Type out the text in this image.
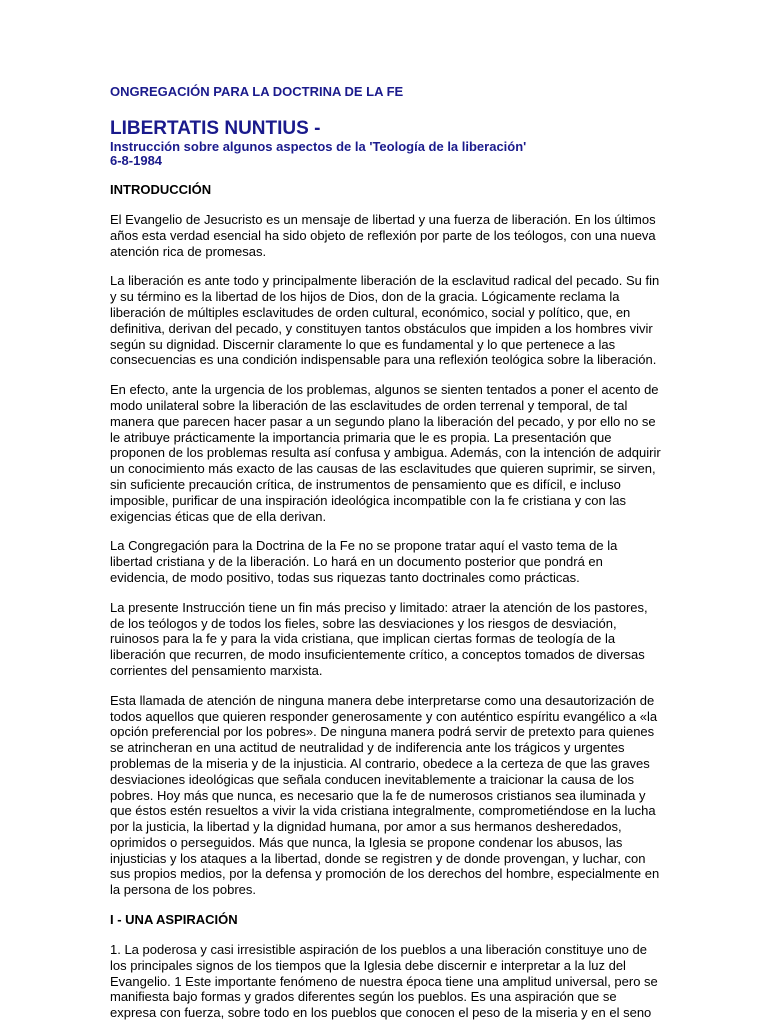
ONGREGACIÓN PARA LA DOCTRINA DE LA FE
LIBERTATIS NUNTIUS -
Instrucción sobre algunos aspectos de la 'Teología de la liberación'
6-8-1984
INTRODUCCIÓN

El Evangelio de Jesucristo es un mensaje de libertad y una fuerza de liberación. En los últimos
años esta verdad esencial ha sido objeto de reflexión por parte de los teólogos, con una nueva
atención rica de promesas.

La liberación es ante todo y principalmente liberación de la esclavitud radical del pecado. Su fin
y su término es la libertad de los hijos de Dios, don de la gracia. Lógicamente reclama la
liberación de múltiples esclavitudes de orden cultural, económico, social y político, que, en
definitiva, derivan del pecado, y constituyen tantos obstáculos que impiden a los hombres vivir
según su dignidad. Discernir claramente lo que es fundamental y lo que pertenece a las
consecuencias es una condición indispensable para una reflexión teológica sobre la liberación.

En efecto, ante la urgencia de los problemas, algunos se sienten tentados a poner el acento de
modo unilateral sobre la liberación de las esclavitudes de orden terrenal y temporal, de tal
manera que parecen hacer pasar a un segundo plano la liberación del pecado, y por ello no se
le atribuye prácticamente la importancia primaria que le es propia. La presentación que
proponen de los problemas resulta así confusa y ambigua. Además, con la intención de adquirir
un conocimiento más exacto de las causas de las esclavitudes que quieren suprimir, se sirven,
sin suficiente precaución crítica, de instrumentos de pensamiento que es difícil, e incluso
imposible, purificar de una inspiración ideológica incompatible con la fe cristiana y con las
exigencias éticas que de ella derivan.

La Congregación para la Doctrina de la Fe no se propone tratar aquí el vasto tema de la
libertad cristiana y de la liberación. Lo hará en un documento posterior que pondrá en
evidencia, de modo positivo, todas sus riquezas tanto doctrinales como prácticas.

La presente Instrucción tiene un fin más preciso y limitado: atraer la atención de los pastores,
de los teólogos y de todos los fieles, sobre las desviaciones y los riesgos de desviación,
ruinosos para la fe y para la vida cristiana, que implican ciertas formas de teología de la
liberación que recurren, de modo insuficientemente crítico, a conceptos tomados de diversas
corrientes del pensamiento marxista.

Esta llamada de atención de ninguna manera debe interpretarse como una desautorización de
todos aquellos que quieren responder generosamente y con auténtico espíritu evangélico a «la
opción preferencial por los pobres». De ninguna manera podrá servir de pretexto para quienes
se atrincheran en una actitud de neutralidad y de indiferencia ante los trágicos y urgentes
problemas de la miseria y de la injusticia. Al contrario, obedece a la certeza de que las graves
desviaciones ideológicas que señala conducen inevitablemente a traicionar la causa de los
pobres. Hoy más que nunca, es necesario que la fe de numerosos cristianos sea iluminada y
que éstos estén resueltos a vivir la vida cristiana integralmente, comprometiéndose en la lucha
por la justicia, la libertad y la dignidad humana, por amor a sus hermanos desheredados,
oprimidos o perseguidos. Más que nunca, la Iglesia se propone condenar los abusos, las
injusticias y los ataques a la libertad, donde se registren y de donde provengan, y luchar, con
sus propios medios, por la defensa y promoción de los derechos del hombre, especialmente en
la persona de los pobres.

I - UNA ASPIRACIÓN

1. La poderosa y casi irresistible aspiración de los pueblos a una liberación constituye uno de
los principales signos de los tiempos que la Iglesia debe discernir e interpretar a la luz del
Evangelio. 1 Este importante fenómeno de nuestra época tiene una amplitud universal, pero se
manifiesta bajo formas y grados diferentes según los pueblos. Es una aspiración que se
expresa con fuerza, sobre todo en los pueblos que conocen el peso de la miseria y en el seno
